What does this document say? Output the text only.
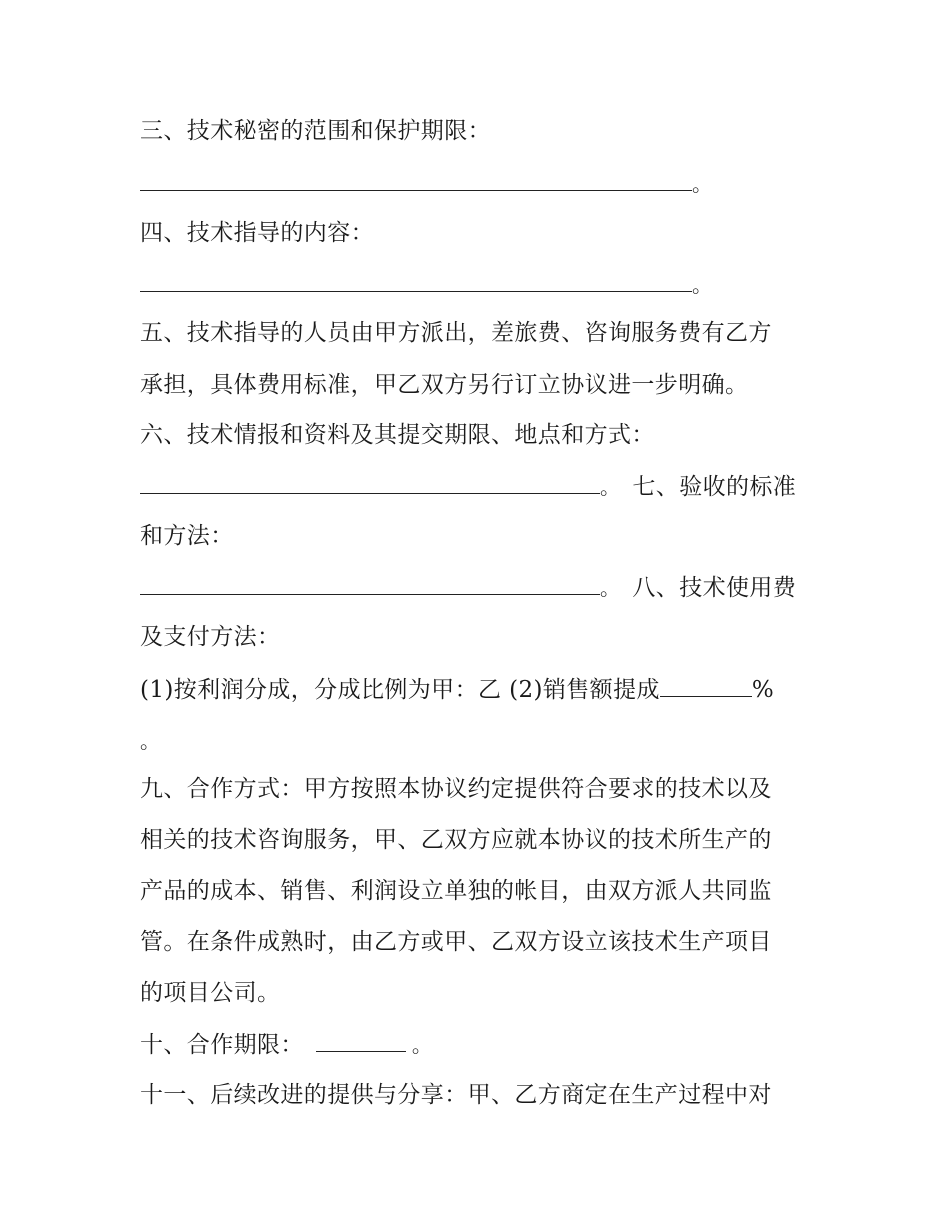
三、技术秘密的范围和保护期限：
。
四、技术指导的内容：
。
五、技术指导的人员由甲方派出，差旅费、咨询服务费有乙方
承担，具体费用标准，甲乙双方另行订立协议进一步明确。
六、技术情报和资料及其提交期限、地点和方式：
。 七、验收的标准
和方法：
。 八、技术使用费
及支付方法：
(1)按利润分成，分成比例为甲：乙 (2)销售额提成	%
。
九、合作方式：甲方按照本协议约定提供符合要求的技术以及
相关的技术咨询服务，甲、乙双方应就本协议的技术所生产的
产品的成本、销售、利润设立单独的帐目，由双方派人共同监
管。在条件成熟时，由乙方或甲、乙双方设立该技术生产项目
的项目公司。
十、合作期限：	。
十一、后续改进的提供与分享：甲、乙方商定在生产过程中对
